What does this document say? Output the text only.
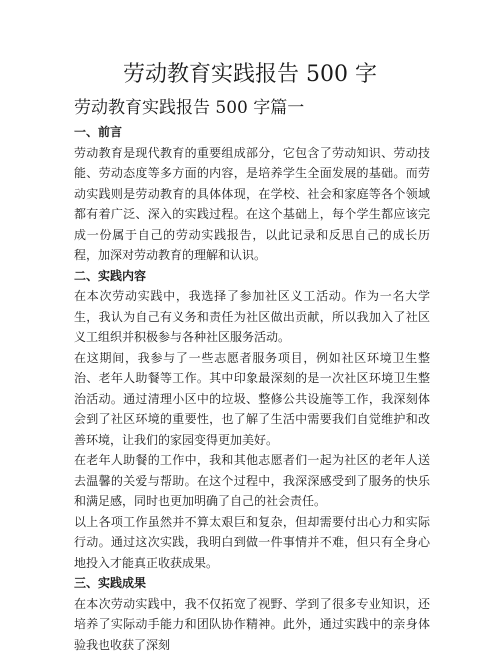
劳动教育实践报告 500 字
劳动教育实践报告 500 字篇一
一、前言

劳动教育是现代教育的重要组成部分，它包含了劳动知识、劳动技能、劳动态度等多方面的内容，是培养学生全面发展的基础。而劳动实践则是劳动教育的具体体现，在学校、社会和家庭等各个领域都有着广泛、深入的实践过程。在这个基础上，每个学生都应该完成一份属于自己的劳动实践报告，以此记录和反思自己的成长历程，加深对劳动教育的理解和认识。

二、实践内容

在本次劳动实践中，我选择了参加社区义工活动。作为一名大学生，我认为自己有义务和责任为社区做出贡献，所以我加入了社区义工组织并积极参与各种社区服务活动。

在这期间，我参与了一些志愿者服务项目，例如社区环境卫生整治、老年人助餐等工作。其中印象最深刻的是一次社区环境卫生整治活动。通过清理小区中的垃圾、整修公共设施等工作，我深刻体会到了社区环境的重要性，也了解了生活中需要我们自觉维护和改善环境，让我们的家园变得更加美好。

在老年人助餐的工作中，我和其他志愿者们一起为社区的老年人送去温馨的关爱与帮助。在这个过程中，我深深感受到了服务的快乐和满足感，同时也更加明确了自己的社会责任。

以上各项工作虽然并不算太艰巨和复杂，但却需要付出心力和实际行动。通过这次实践，我明白到做一件事情并不难，但只有全身心地投入才能真正收获成果。

三、实践成果

在本次劳动实践中，我不仅拓宽了视野、学到了很多专业知识，还培养了实际动手能力和团队协作精神。此外，通过实践中的亲身体验我也收获了深刻
